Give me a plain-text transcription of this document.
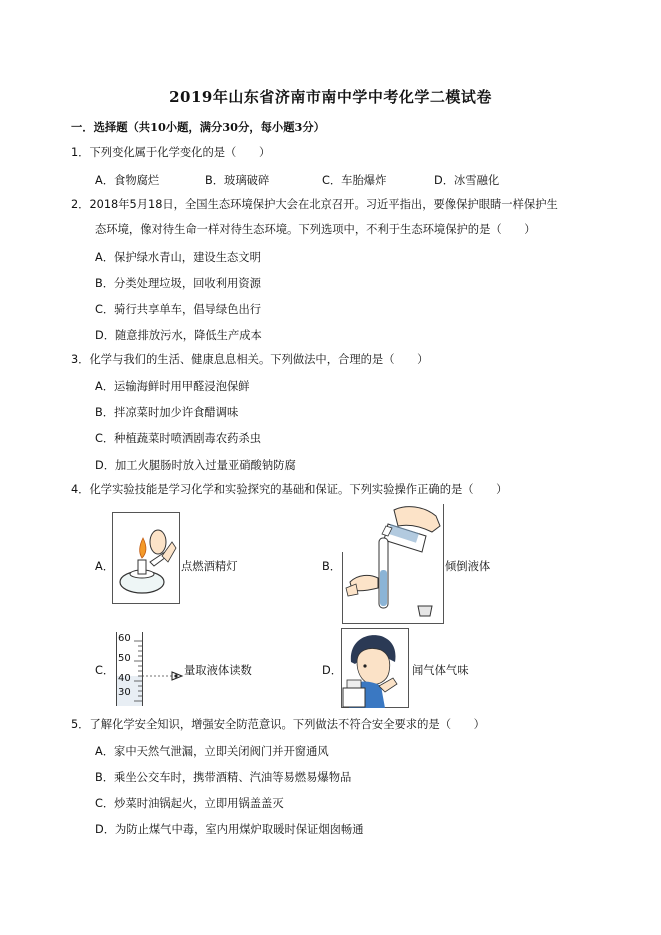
2019年山东省济南市南中学中考化学二模试卷
一．选择题（共10小题，满分30分，每小题3分）
1．下列变化属于化学变化的是（　　）
A．食物腐烂	B．玻璃破碎	C．车胎爆炸	D．冰雪融化
2．2018年5月18日，全国生态环境保护大会在北京召开。习近平指出，要像保护眼睛一样保护生
态环境，像对待生命一样对待生态环境。下列选项中，不利于生态环境保护的是（　　）
A．保护绿水青山，建设生态文明
B．分类处理垃圾，回收利用资源
C．骑行共享单车，倡导绿色出行
D．随意排放污水，降低生产成本
3．化学与我们的生活、健康息息相关。下列做法中，合理的是（　　）
A．运输海鲜时用甲醛浸泡保鲜
B．拌凉菜时加少许食醋调味
C．种植蔬菜时喷洒剧毒农药杀虫
D．加工火腿肠时放入过量亚硝酸钠防腐
4．化学实验技能是学习化学和实验探究的基础和保证。下列实验操作正确的是（　　）
A．	点燃酒精灯	B．	倾倒液体
C．
60
50
40
30
量取液体读数	D．	闻气体气味
5．了解化学安全知识，增强安全防范意识。下列做法不符合安全要求的是（　　）
A．家中天然气泄漏，立即关闭阀门并开窗通风
B．乘坐公交车时，携带酒精、汽油等易燃易爆物品
C．炒菜时油锅起火，立即用锅盖盖灭
D．为防止煤气中毒，室内用煤炉取暖时保证烟囱畅通
